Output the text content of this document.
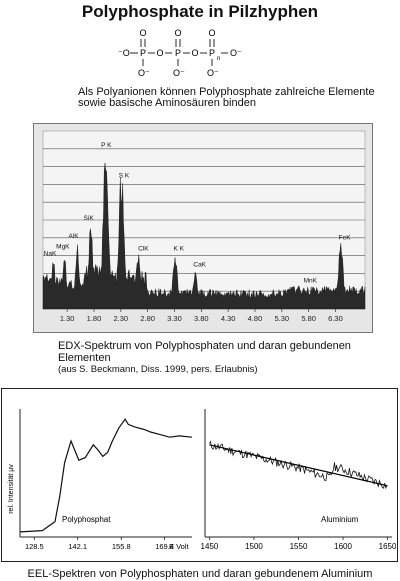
Polyphosphate in Pilzhyphen
O	O	O
⁻O P O P O P
n
O⁻
O⁻	O⁻ O⁻
Als Polyanionen können Polyphosphate zahlreiche Elemente
sowie basische Aminosäuren binden
NaK
MgK
AlK
SiK
P K
S K
ClK	K K
CaK
MnK
FeK
1.30 1.80 2.30 2.80 3.30 3.80 4.30 4.80 5.30 5.80 6.30
EDX-Spektrum von Polyphosphaten und daran gebundenen Elementen
(aus S. Beckmann, Diss. 1999, pers. Erlaubnis)
rel. Intensität µv
Polyphosphat	Aluminium
E Volt
128.5	142.1	155.8	169.4	1450	1500	1550	1600	1650
EEL-Spektren von Polyphosphaten und daran gebundenem Aluminium
